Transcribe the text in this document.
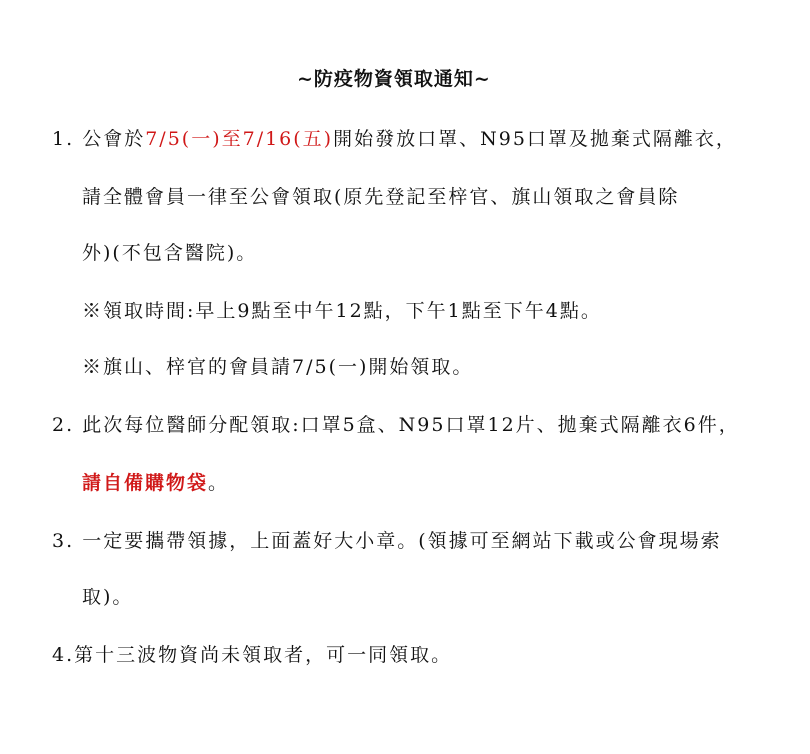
~防疫物資領取通知~
1. 公會於7/5(一)至7/16(五)開始發放口罩、N95口罩及拋棄式隔離衣，
請全體會員一律至公會領取(原先登記至梓官、旗山領取之會員除
外)(不包含醫院)。
※領取時間:早上9點至中午12點，下午1點至下午4點。
※旗山、梓官的會員請7/5(一)開始領取。
2. 此次每位醫師分配領取:口罩5盒、N95口罩12片、拋棄式隔離衣6件，
請自備購物袋。
3. 一定要攜帶領據，上面蓋好大小章。(領據可至網站下載或公會現場索
取)。
4.第十三波物資尚未領取者，可一同領取。
